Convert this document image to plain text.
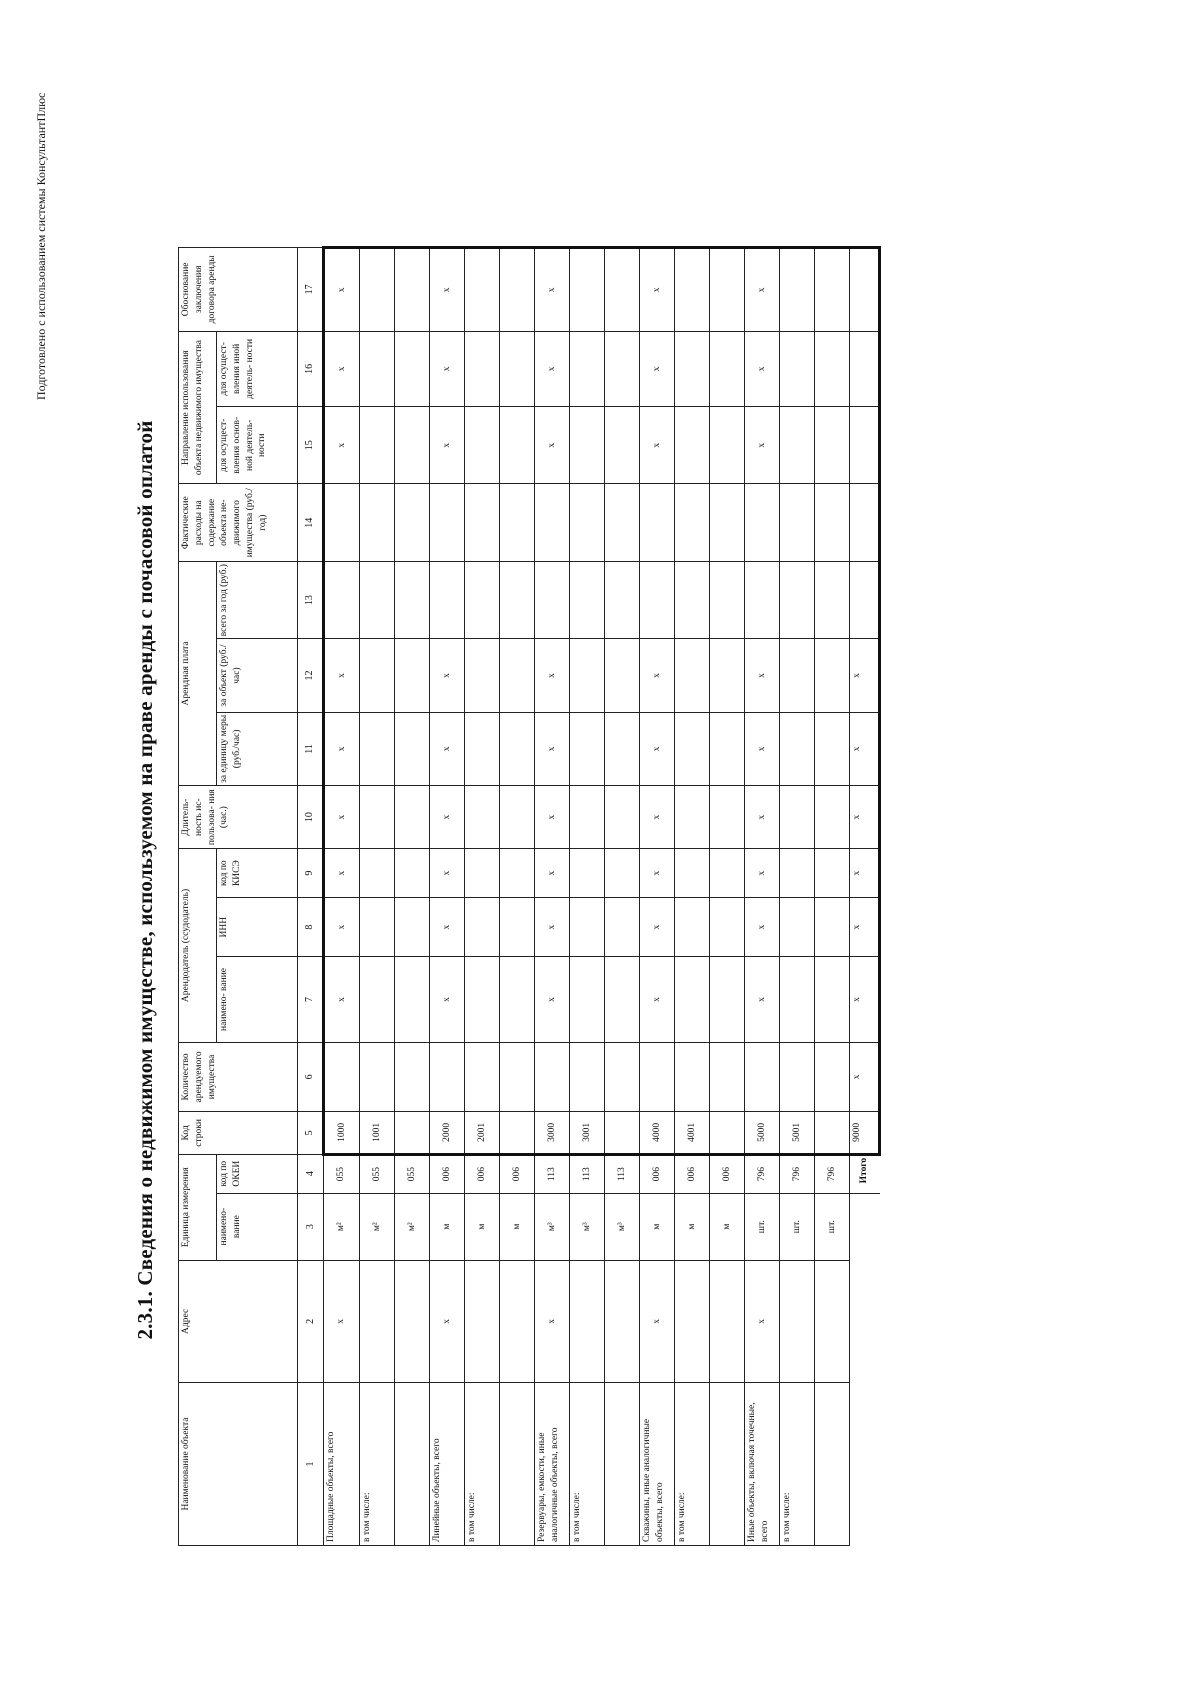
Подготовлено с использованием системы КонсультантПлюс
2.3.1. Сведения о недвижимом имуществе, используемом на праве аренды с почасовой оплатой
Наименование объекта	Адрес	Единица измерения		Код строки	Количество арендуемого имущества	Арендодатель (ссудодатель)			Длитель- ность ис- пользова- ния (час.)	Арендная плата			Фактические расходы на содержание объекта не- движимого имущества (руб./год)	Направление использования объекта недвижимого имущества		Обоснование заключения договора аренды
		наимено- вание	код по ОКЕИ			наимено- вание	ИНН	код по КИСЭ		за единицу меры (руб./час)	за объект (руб./час)	всего за год (руб.)		для осущест- вления основ- ной деятель- ности	для осущест- вления иной деятель- ности	
1	2	3	4	5	6	7	8	9	10	11	12	13	14	15	16	17
Площадные объекты, всего	x	м²	055	1000		x	x	x	x	x	x			x	x	x
в том числе:		м²	055	1001												
		м²	055													
Линейные объекты, всего	x	м	006	2000		x	x	x	x	x	x			x	x	x
в том числе:		м	006	2001												
		м	006													
Резервуары, емкости, иные аналогичные объекты, всего	x	м³	113	3000		x	x	x	x	x	x			x	x	x
в том числе:		м³	113	3001												
		м³	113													
Скважины, иные аналогичные объекты, всего	x	м	006	4000		x	x	x	x	x	x			x	x	x
в том числе:		м	006	4001												
		м	006													
Иные объекты, включая точечные, всего	x	шт.	796	5000		x	x	x	x	x	x			x	x	x
в том числе:		шт.	796	5001												
		шт.	796													
			Итого	9000	x	x	x	x	x	x	x					
